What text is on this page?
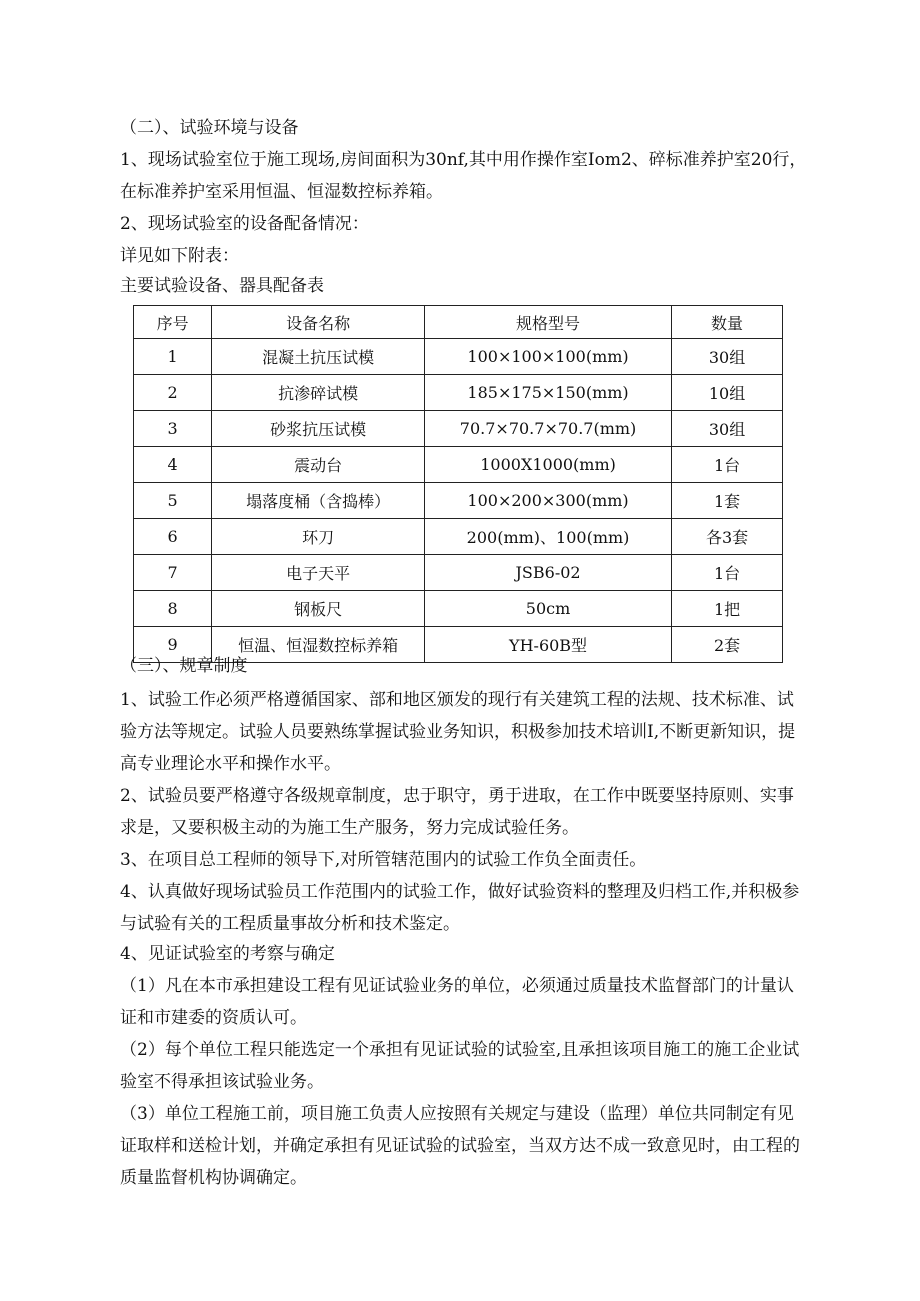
（二）、试验环境与设备

1、现场试验室位于施工现场,房间面积为30nf,其中用作操作室Iom2、碎标准养护室20行，在标准养护室采用恒温、恒湿数控标养箱。

2、现场试验室的设备配备情况：

详见如下附表：

主要试验设备、器具配备表

序号	设备名称	规格型号	数量
1	混凝土抗压试模	100×100×100(mm)	30组
2	抗渗碎试模	185×175×150(mm)	10组
3	砂浆抗压试模	70.7×70.7×70.7(mm)	30组
4	震动台	1000X1000(mm)	1台
5	塌落度桶（含捣棒）	100×200×300(mm)	1套
6	环刀	200(mm)、100(mm)	各3套
7	电子天平	JSB6-02	1台
8	钢板尺	50cm	1把
9	恒温、恒湿数控标养箱	YH-60B型	2套

（三）、规章制度

1、试验工作必须严格遵循国家、部和地区颁发的现行有关建筑工程的法规、技术标准、试验方法等规定。试验人员要熟练掌握试验业务知识，积极参加技术培训I,不断更新知识，提高专业理论水平和操作水平。

2、试验员要严格遵守各级规章制度，忠于职守，勇于进取，在工作中既要坚持原则、实事求是，又要积极主动的为施工生产服务，努力完成试验任务。

3、在项目总工程师的领导下,对所管辖范围内的试验工作负全面责任。

4、认真做好现场试验员工作范围内的试验工作，做好试验资料的整理及归档工作,并积极参与试验有关的工程质量事故分析和技术鉴定。

4、见证试验室的考察与确定

（1）凡在本市承担建设工程有见证试验业务的单位，必须通过质量技术监督部门的计量认证和市建委的资质认可。

（2）每个单位工程只能选定一个承担有见证试验的试验室,且承担该项目施工的施工企业试验室不得承担该试验业务。

（3）单位工程施工前，项目施工负责人应按照有关规定与建设（监理）单位共同制定有见证取样和送检计划，并确定承担有见证试验的试验室，当双方达不成一致意见时，由工程的质量监督机构协调确定。
